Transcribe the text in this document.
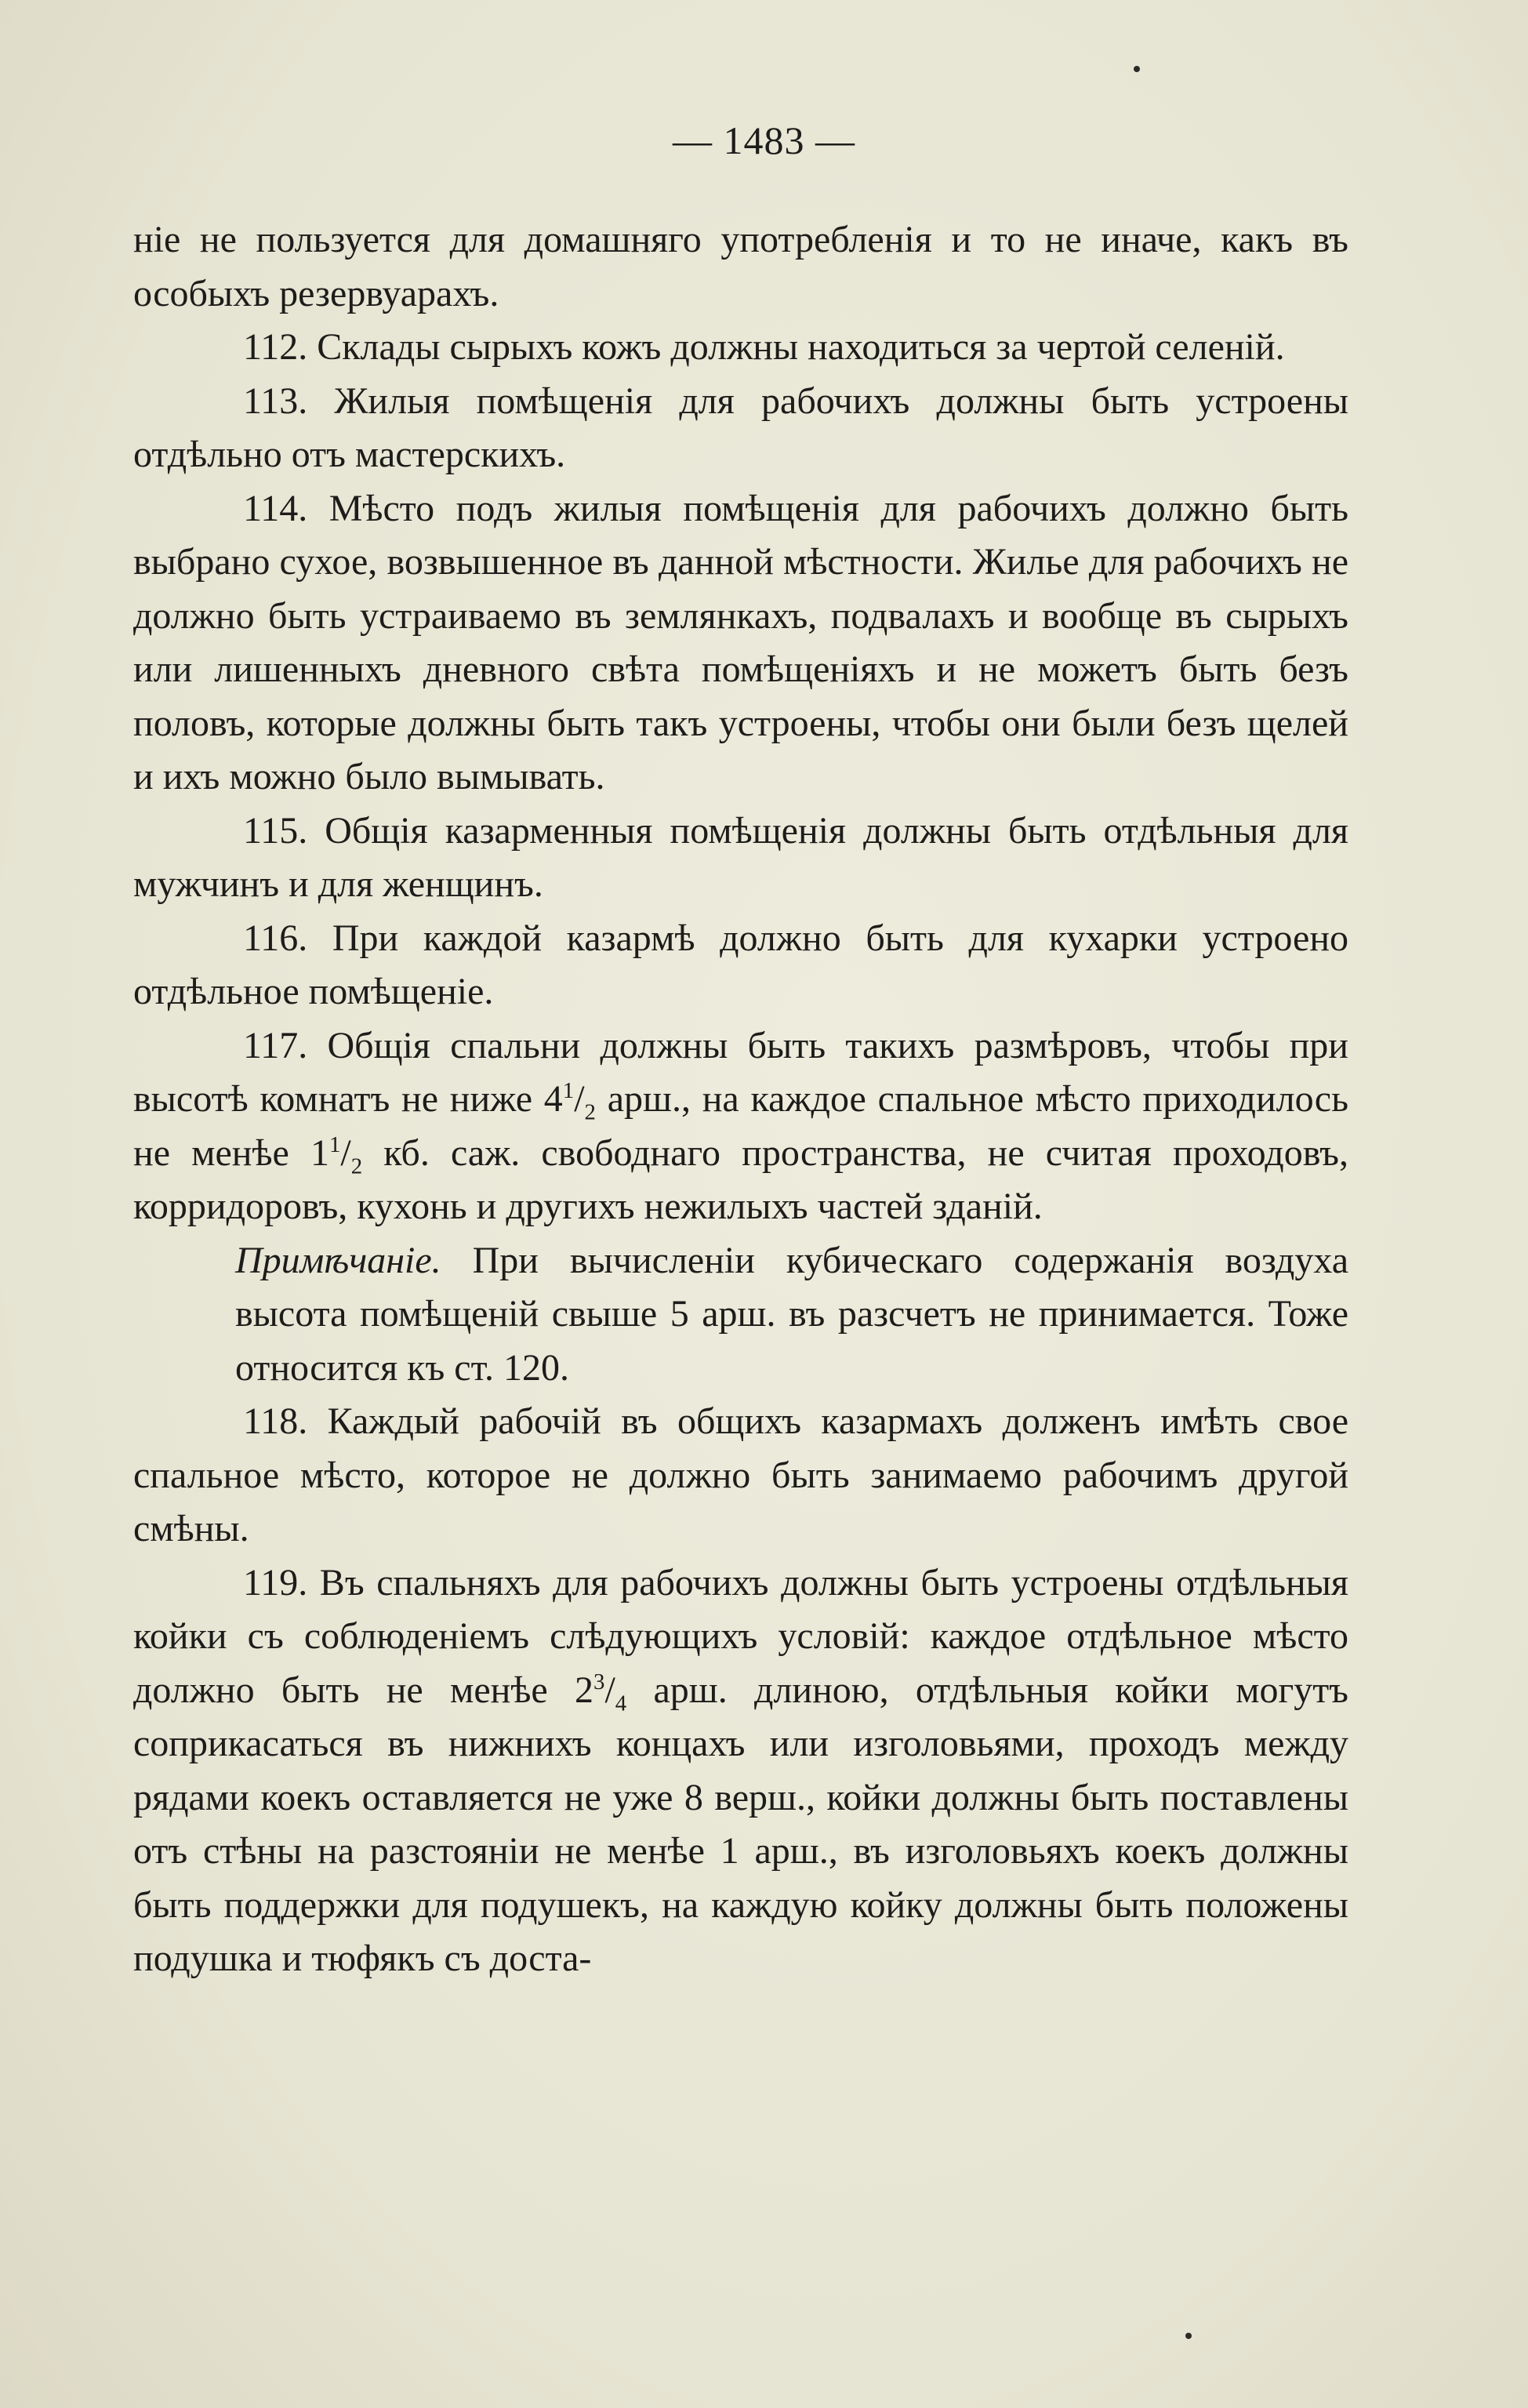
— 1483 —

ніе не пользуется для домашняго употребленія и то не иначе, какъ въ особыхъ резервуарахъ.

112. Склады сырыхъ кожъ должны находиться за чертой селеній.

113. Жилыя помѣщенія для рабочихъ должны быть устроены отдѣльно отъ мастерскихъ.

114. Мѣсто подъ жилыя помѣщенія для рабочихъ должно быть выбрано сухое, возвышенное въ данной мѣстности. Жилье для рабочихъ не должно быть устраиваемо въ землянкахъ, подвалахъ и вообще въ сырыхъ или лишенныхъ дневного свѣта помѣщеніяхъ и не можетъ быть безъ половъ, которые должны быть такъ устроены, чтобы они были безъ щелей и ихъ можно было вымывать.

115. Общія казарменныя помѣщенія должны быть отдѣльныя для мужчинъ и для женщинъ.

116. При каждой казармѣ должно быть для кухарки устроено отдѣльное помѣщеніе.

117. Общія спальни должны быть такихъ размѣровъ, чтобы при высотѣ комнатъ не ниже $4^1/_2$ арш., на каждое спальное мѣсто приходилось не менѣе $1^1/_2$ кб. саж. свободнаго пространства, не считая проходовъ, корридоровъ, кухонь и другихъ нежилыхъ частей зданій.

Примѣчаніе. При вычисленіи кубическаго содержанія воздуха высота помѣщеній свыше 5 арш. въ разсчетъ не принимается. Тоже относится къ ст. 120.

118. Каждый рабочій въ общихъ казармахъ долженъ имѣть свое спальное мѣсто, которое не должно быть занимаемо рабочимъ другой смѣны.

119. Въ спальняхъ для рабочихъ должны быть устроены отдѣльныя койки съ соблюденіемъ слѣдующихъ условій: каждое отдѣльное мѣсто должно быть не менѣе $2^3/_4$ арш. длиною, отдѣльныя койки могутъ соприкасаться въ нижнихъ концахъ или изголовьями, проходъ между рядами коекъ оставляется не уже 8 верш., койки должны быть поставлены отъ стѣны на разстояніи не менѣе 1 арш., въ изголовьяхъ коекъ должны быть поддержки для подушекъ, на каждую койку должны быть положены подушка и тюфякъ съ доста-
